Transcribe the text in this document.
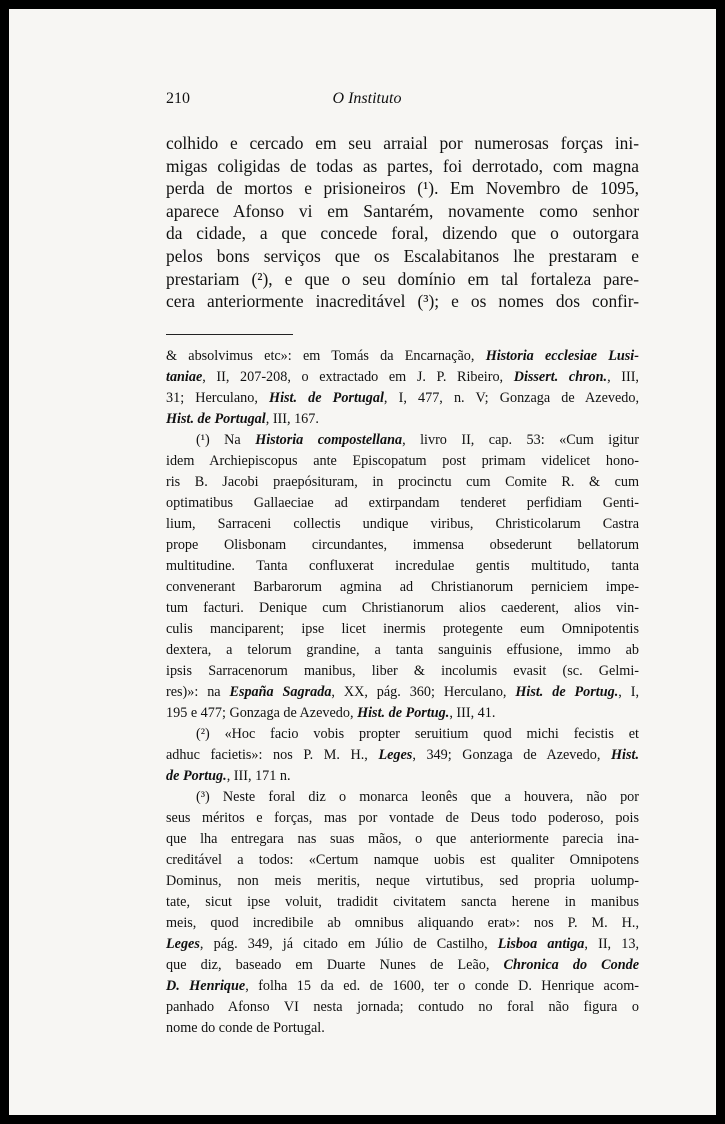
210	O Instituto
colhido e cercado em seu arraial por numerosas forças ini-
migas coligidas de todas as partes, foi derrotado, com magna
perda de mortos e prisioneiros (¹). Em Novembro de 1095,
aparece Afonso vi em Santarém, novamente como senhor
da cidade, a que concede foral, dizendo que o outorgara
pelos bons serviços que os Escalabitanos lhe prestaram e
prestariam (²), e que o seu domínio em tal fortaleza pare-
cera anteriormente inacreditável (³); e os nomes dos confir-
& absolvimus etc»: em Tomás da Encarnação, Historia ecclesiae Lusi-
taniae, II, 207-208, o extractado em J. P. Ribeiro, Dissert. chron., III,
31; Herculano, Hist. de Portugal, I, 477, n. V; Gonzaga de Azevedo,
Hist. de Portugal, III, 167.
(¹) Na Historia compostellana, livro II, cap. 53: «Cum igitur
idem Archiepiscopus ante Episcopatum post primam videlicet hono-
ris B. Jacobi praepósituram, in procinctu cum Comite R. & cum
optimatibus Gallaeciae ad extirpandam tenderet perfidiam Genti-
lium, Sarraceni collectis undique viribus, Christicolarum Castra
prope Olisbonam circundantes, immensa obsederunt bellatorum
multitudine. Tanta confluxerat incredulae gentis multitudo, tanta
convenerant Barbarorum agmina ad Christianorum perniciem impe-
tum facturi. Denique cum Christianorum alios caederent, alios vin-
culis manciparent; ipse licet inermis protegente eum Omnipotentis
dextera, a telorum grandine, a tanta sanguinis effusione, immo ab
ipsis Sarracenorum manibus, liber & incolumis evasit (sc. Gelmi-
res)»: na España Sagrada, XX, pág. 360; Herculano, Hist. de Portug., I,
195 e 477; Gonzaga de Azevedo, Hist. de Portug., III, 41.
(²) «Hoc facio vobis propter seruitium quod michi fecistis et
adhuc facietis»: nos P. M. H., Leges, 349; Gonzaga de Azevedo, Hist.
de Portug., III, 171 n.
(³) Neste foral diz o monarca leonês que a houvera, não por
seus méritos e forças, mas por vontade de Deus todo poderoso, pois
que lha entregara nas suas mãos, o que anteriormente parecia ina-
creditável a todos: «Certum namque uobis est qualiter Omnipotens
Dominus, non meis meritis, neque virtutibus, sed propria uolump-
tate, sicut ipse voluit, tradidit civitatem sancta herene in manibus
meis, quod incredibile ab omnibus aliquando erat»: nos P. M. H.,
Leges, pág. 349, já citado em Júlio de Castilho, Lisboa antiga, II, 13,
que diz, baseado em Duarte Nunes de Leão, Chronica do Conde
D. Henrique, folha 15 da ed. de 1600, ter o conde D. Henrique acom-
panhado Afonso VI nesta jornada; contudo no foral não figura o
nome do conde de Portugal.
